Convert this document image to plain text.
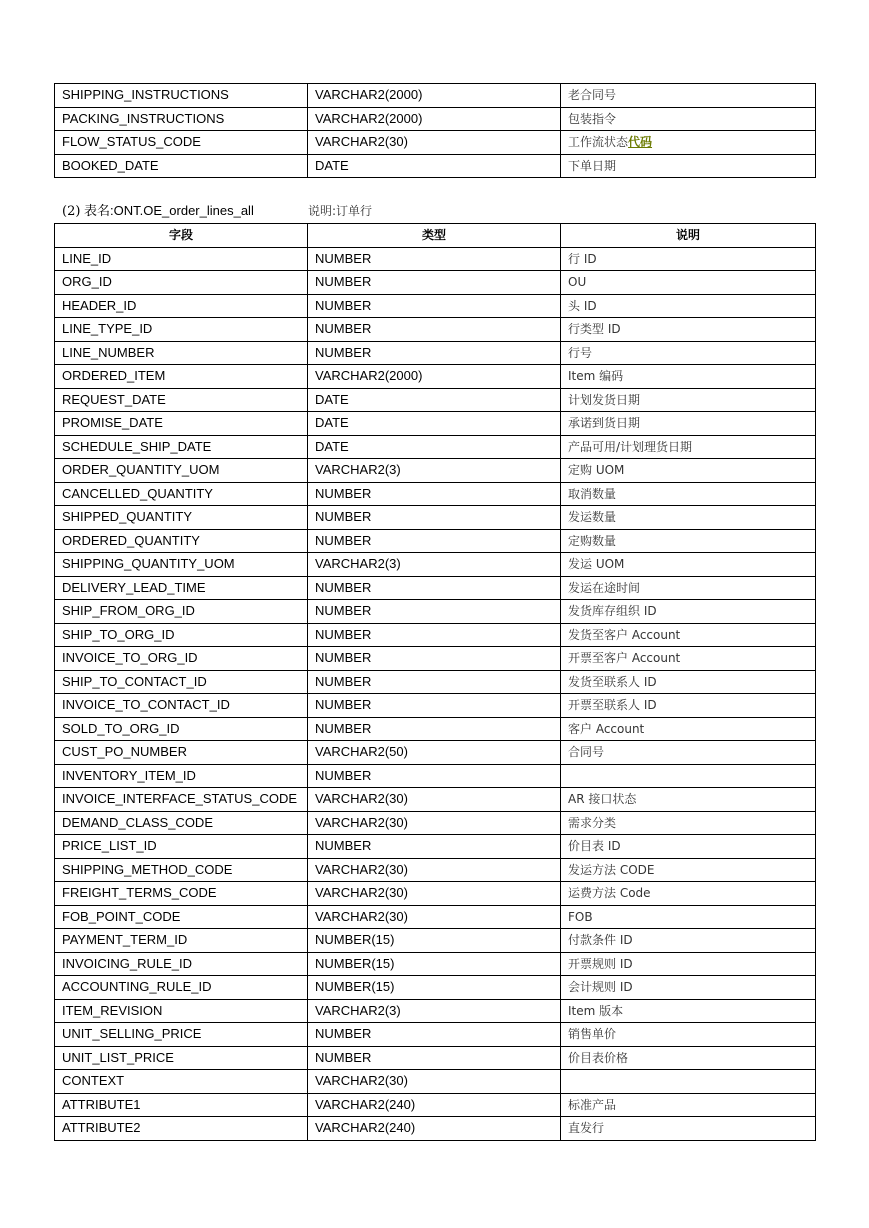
SHIPPING_INSTRUCTIONS	VARCHAR2(2000)	老合同号
PACKING_INSTRUCTIONS	VARCHAR2(2000)	包装指令
FLOW_STATUS_CODE	VARCHAR2(30)	工作流状态代码
BOOKED_DATE	DATE	下单日期
(2) 表名:ONT.OE_order_lines_all	说明:订单行
字段	类型	说明
LINE_ID	NUMBER	行 ID
ORG_ID	NUMBER	OU
HEADER_ID	NUMBER	头 ID
LINE_TYPE_ID	NUMBER	行类型 ID
LINE_NUMBER	NUMBER	行号
ORDERED_ITEM	VARCHAR2(2000)	Item 编码
REQUEST_DATE	DATE	计划发货日期
PROMISE_DATE	DATE	承诺到货日期
SCHEDULE_SHIP_DATE	DATE	产品可用/计划理货日期
ORDER_QUANTITY_UOM	VARCHAR2(3)	定购 UOM
CANCELLED_QUANTITY	NUMBER	取消数量
SHIPPED_QUANTITY	NUMBER	发运数量
ORDERED_QUANTITY	NUMBER	定购数量
SHIPPING_QUANTITY_UOM	VARCHAR2(3)	发运 UOM
DELIVERY_LEAD_TIME	NUMBER	发运在途时间
SHIP_FROM_ORG_ID	NUMBER	发货库存组织 ID
SHIP_TO_ORG_ID	NUMBER	发货至客户 Account
INVOICE_TO_ORG_ID	NUMBER	开票至客户 Account
SHIP_TO_CONTACT_ID	NUMBER	发货至联系人 ID
INVOICE_TO_CONTACT_ID	NUMBER	开票至联系人 ID
SOLD_TO_ORG_ID	NUMBER	客户 Account
CUST_PO_NUMBER	VARCHAR2(50)	合同号
INVENTORY_ITEM_ID	NUMBER	
INVOICE_INTERFACE_STATUS_CODE	VARCHAR2(30)	AR 接口状态
DEMAND_CLASS_CODE	VARCHAR2(30)	需求分类
PRICE_LIST_ID	NUMBER	价目表 ID
SHIPPING_METHOD_CODE	VARCHAR2(30)	发运方法 CODE
FREIGHT_TERMS_CODE	VARCHAR2(30)	运费方法 Code
FOB_POINT_CODE	VARCHAR2(30)	FOB
PAYMENT_TERM_ID	NUMBER(15)	付款条件 ID
INVOICING_RULE_ID	NUMBER(15)	开票规则 ID
ACCOUNTING_RULE_ID	NUMBER(15)	会计规则 ID
ITEM_REVISION	VARCHAR2(3)	Item 版本
UNIT_SELLING_PRICE	NUMBER	销售单价
UNIT_LIST_PRICE	NUMBER	价目表价格
CONTEXT	VARCHAR2(30)	
ATTRIBUTE1	VARCHAR2(240)	标准产品
ATTRIBUTE2	VARCHAR2(240)	直发行
